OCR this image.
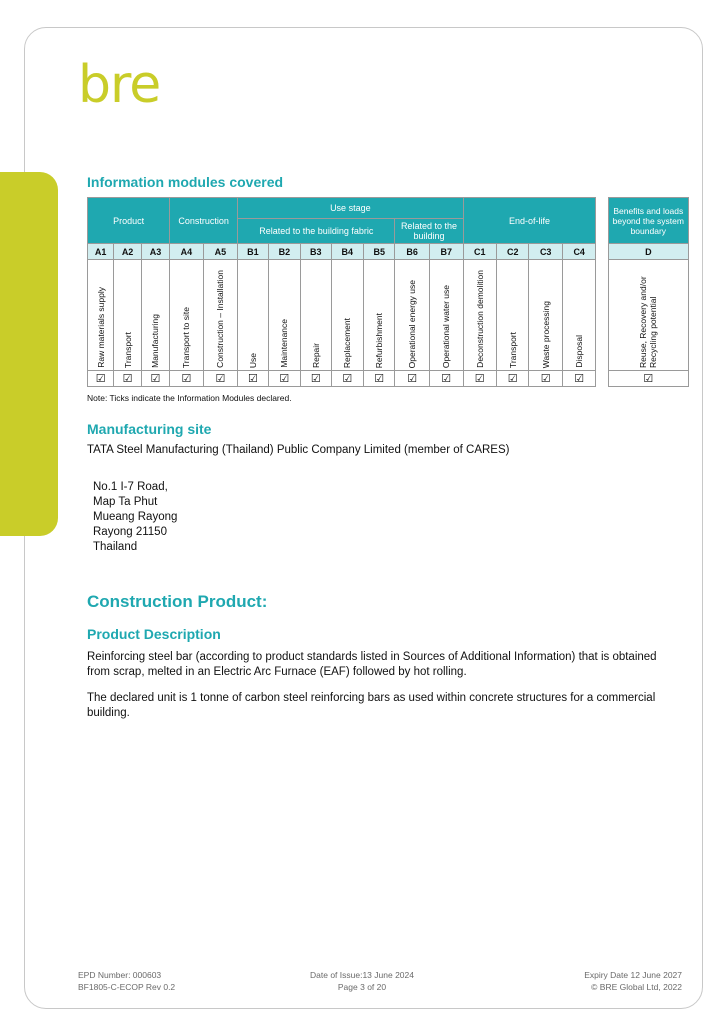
bre
Information modules covered
Product			Construction		Use stage							End-of-life					Benefits and loads beyond the system boundary
					Related to the building fabric					Related to the building							
A1	A2	A3	A4	A5	B1	B2	B3	B4	B5	B6	B7	C1	C2	C3	C4		D
Raw materials supply	Transport	Manufacturing	Transport to site	Construction – Installation	Use	Maintenance	Repair	Replacement	Refurbishment	Operational energy use	Operational water use	Deconstruction demolition	Transport	Waste processing	Disposal		Reuse, Recovery and/or Recycling potential
☑	☑	☑	☑	☑	☑	☑	☑	☑	☑	☑	☑	☑	☑	☑	☑		☑

Note: Ticks indicate the Information Modules declared.

Manufacturing site

TATA Steel Manufacturing (Thailand) Public Company Limited (member of CARES)

No.1 I-7 Road,
Map Ta Phut
Mueang Rayong
Rayong 21150
Thailand
Construction Product:
Product Description

Reinforcing steel bar (according to product standards listed in Sources of Additional Information) that is obtained from scrap, melted in an Electric Arc Furnace (EAF) followed by hot rolling.

The declared unit is 1 tonne of carbon steel reinforcing bars as used within concrete structures for a commercial building.

EPD Number: 000603
BF1805-C-ECOP Rev 0.2
Date of Issue:13 June 2024
Page 3 of 20
Expiry Date 12 June 2027
© BRE Global Ltd, 2022
